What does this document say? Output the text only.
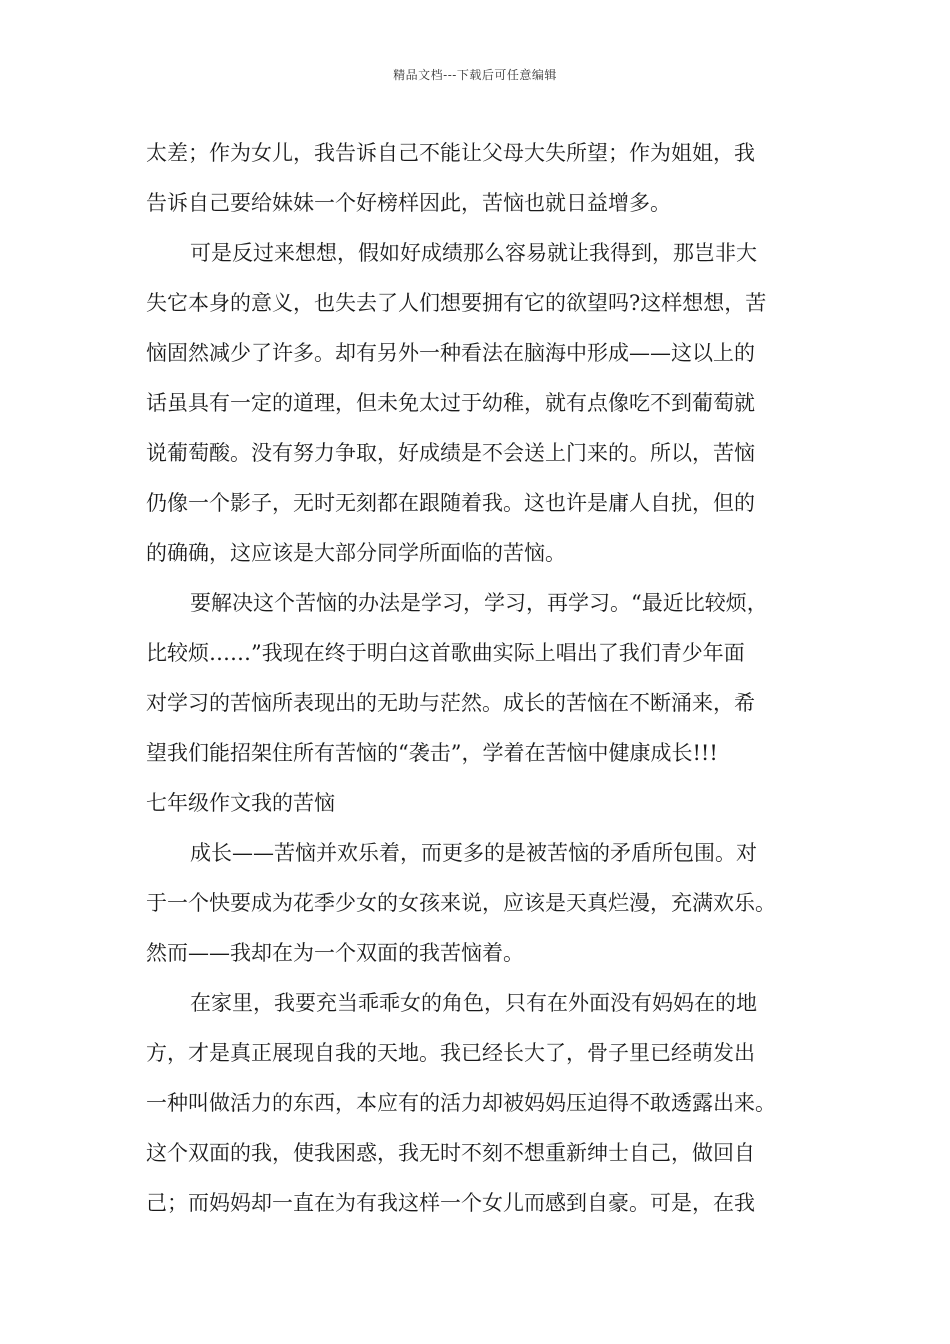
精品文档---下载后可任意编辑
太差；作为女儿，我告诉自己不能让父母大失所望；作为姐姐，我
告诉自己要给妹妹一个好榜样因此，苦恼也就日益增多。
可是反过来想想，假如好成绩那么容易就让我得到，那岂非大
失它本身的意义，也失去了人们想要拥有它的欲望吗?这样想想，苦
恼固然减少了许多。却有另外一种看法在脑海中形成——这以上的
话虽具有一定的道理，但未免太过于幼稚，就有点像吃不到葡萄就
说葡萄酸。没有努力争取，好成绩是不会送上门来的。所以，苦恼
仍像一个影子，无时无刻都在跟随着我。这也许是庸人自扰，但的
的确确，这应该是大部分同学所面临的苦恼。
要解决这个苦恼的办法是学习，学习，再学习。“最近比较烦，
比较烦……”我现在终于明白这首歌曲实际上唱出了我们青少年面
对学习的苦恼所表现出的无助与茫然。成长的苦恼在不断涌来，希
望我们能招架住所有苦恼的“袭击”，学着在苦恼中健康成长!!!
七年级作文我的苦恼
成长——苦恼并欢乐着，而更多的是被苦恼的矛盾所包围。对
于一个快要成为花季少女的女孩来说，应该是天真烂漫，充满欢乐。
然而——我却在为一个双面的我苦恼着。
在家里，我要充当乖乖女的角色，只有在外面没有妈妈在的地
方，才是真正展现自我的天地。我已经长大了，骨子里已经萌发出
一种叫做活力的东西，本应有的活力却被妈妈压迫得不敢透露出来。
这个双面的我，使我困惑，我无时不刻不想重新绅士自己，做回自
己；而妈妈却一直在为有我这样一个女儿而感到自豪。可是，在我
